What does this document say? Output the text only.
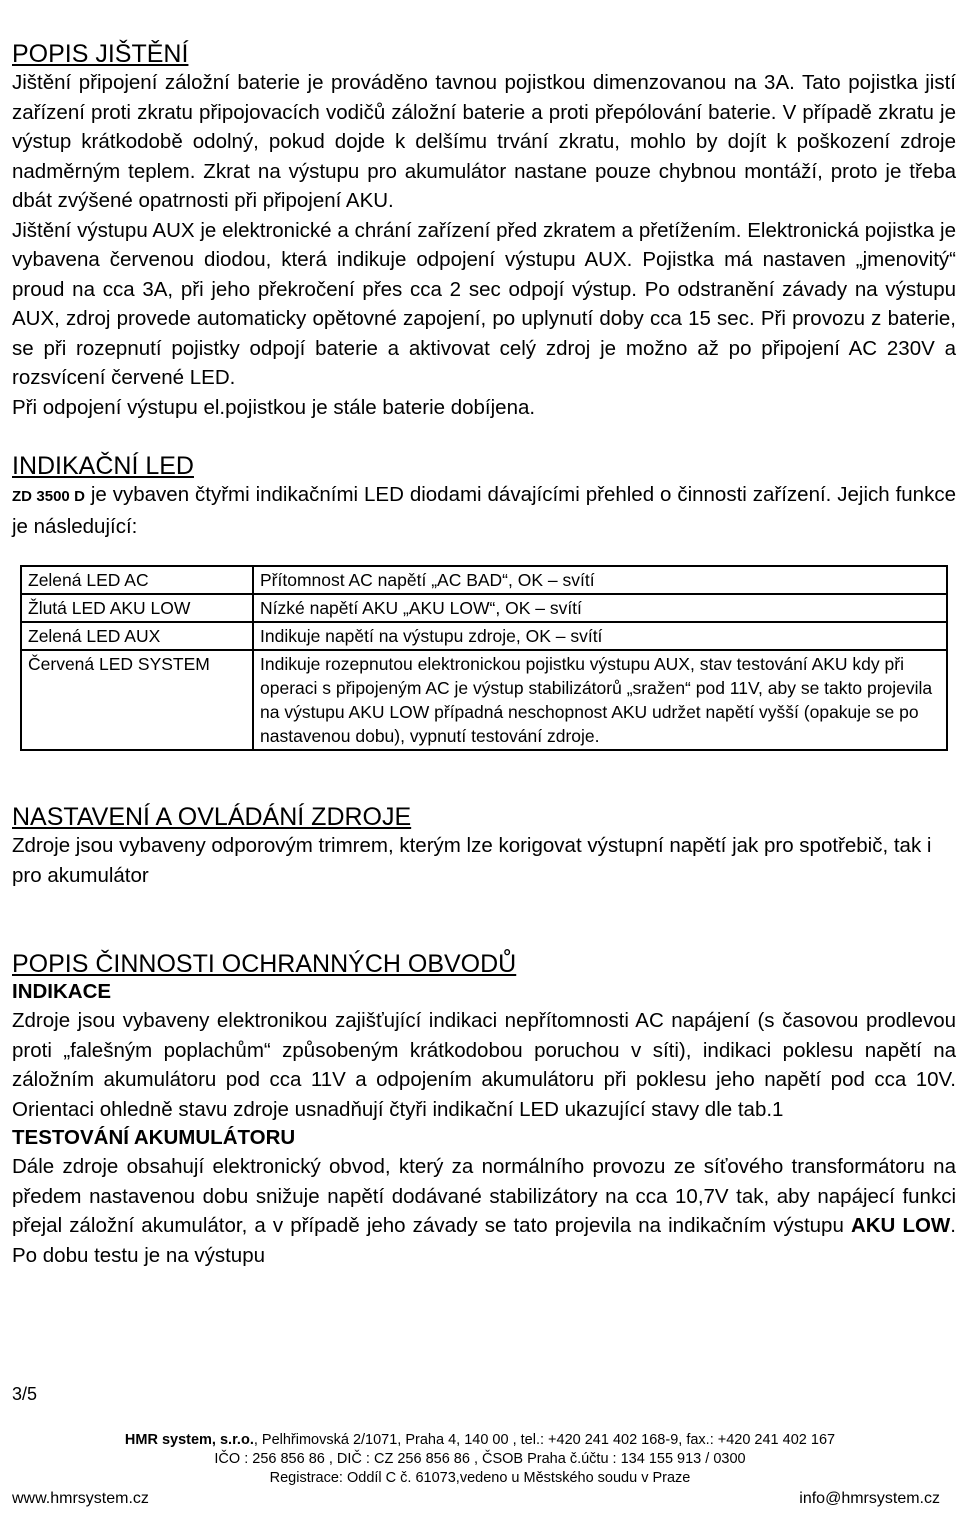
POPIS JIŠTĚNÍ

Jištění připojení záložní baterie je prováděno tavnou pojistkou dimenzovanou na 3A. Tato pojistka jistí zařízení proti zkratu připojovacích vodičů záložní baterie a proti přepólování baterie. V případě zkratu je výstup krátkodobě odolný, pokud dojde k delšímu trvání zkratu, mohlo by dojít k poškození zdroje nadměrným teplem. Zkrat na výstupu pro akumulátor nastane pouze chybnou montáží, proto je třeba dbát zvýšené opatrnosti při připojení AKU.

Jištění výstupu AUX je elektronické a chrání zařízení před zkratem a přetížením. Elektronická pojistka je vybavena červenou diodou, která indikuje odpojení výstupu AUX. Pojistka má nastaven „jmenovitý“ proud na cca 3A, při jeho překročení přes cca 2 sec odpojí výstup. Po odstranění závady na výstupu AUX, zdroj provede automaticky opětovné zapojení, po uplynutí doby cca 15 sec. Při provozu z baterie, se při rozepnutí pojistky odpojí baterie a aktivovat celý zdroj je možno až po připojení AC 230V a rozsvícení červené LED.

Při odpojení výstupu el.pojistkou je stále baterie dobíjena.

INDIKAČNÍ LED

ZD 3500 D je vybaven čtyřmi indikačními LED diodami dávajícími přehled o činnosti zařízení. Jejich funkce je následující:

Zelená LED AC	Přítomnost AC napětí „AC BAD“, OK – svítí
Žlutá LED AKU LOW	Nízké napětí AKU „AKU LOW“, OK – svítí
Zelená LED AUX	Indikuje napětí na výstupu zdroje, OK – svítí
Červená LED SYSTEM	Indikuje rozepnutou elektronickou pojistku výstupu AUX, stav testování AKU kdy při operaci s připojeným AC je výstup stabilizátorů „sražen“ pod 11V, aby se takto projevila na výstupu AKU LOW případná neschopnost AKU udržet napětí vyšší (opakuje se po nastavenou dobu), vypnutí testování zdroje.
NASTAVENÍ A OVLÁDÁNÍ ZDROJE

Zdroje jsou vybaveny odporovým trimrem, kterým lze korigovat výstupní napětí jak pro spotřebič, tak i pro akumulátor

POPIS ČINNOSTI OCHRANNÝCH OBVODŮ
INDIKACE

Zdroje jsou vybaveny elektronikou zajišťující indikaci nepřítomnosti AC napájení (s časovou prodlevou proti „falešným poplachům“ způsobeným krátkodobou poruchou v síti), indikaci poklesu napětí na záložním akumulátoru pod cca 11V a odpojením akumulátoru při poklesu jeho napětí pod cca 10V. Orientaci ohledně stavu zdroje usnadňují čtyři indikační LED ukazující stavy dle tab.1

TESTOVÁNÍ AKUMULÁTORU

Dále zdroje obsahují elektronický obvod, který za normálního provozu ze síťového transformátoru na předem nastavenou dobu snižuje napětí dodávané stabilizátory na cca 10,7V tak, aby napájecí funkci přejal záložní akumulátor, a v případě jeho závady se tato projevila na indikačním výstupu AKU LOW. Po dobu testu je na výstupu

3/5
HMR system, s.r.o., Pelhřimovská 2/1071, Praha 4, 140 00 , tel.: +420 241 402 168-9, fax.: +420 241 402 167
IČO : 256 856 86 , DIČ : CZ 256 856 86 , ČSOB Praha č.účtu : 134 155 913 / 0300
Registrace: Oddíl C č. 61073,vedeno u Městského soudu v Praze
www.hmrsystem.cz	info@hmrsystem.cz
